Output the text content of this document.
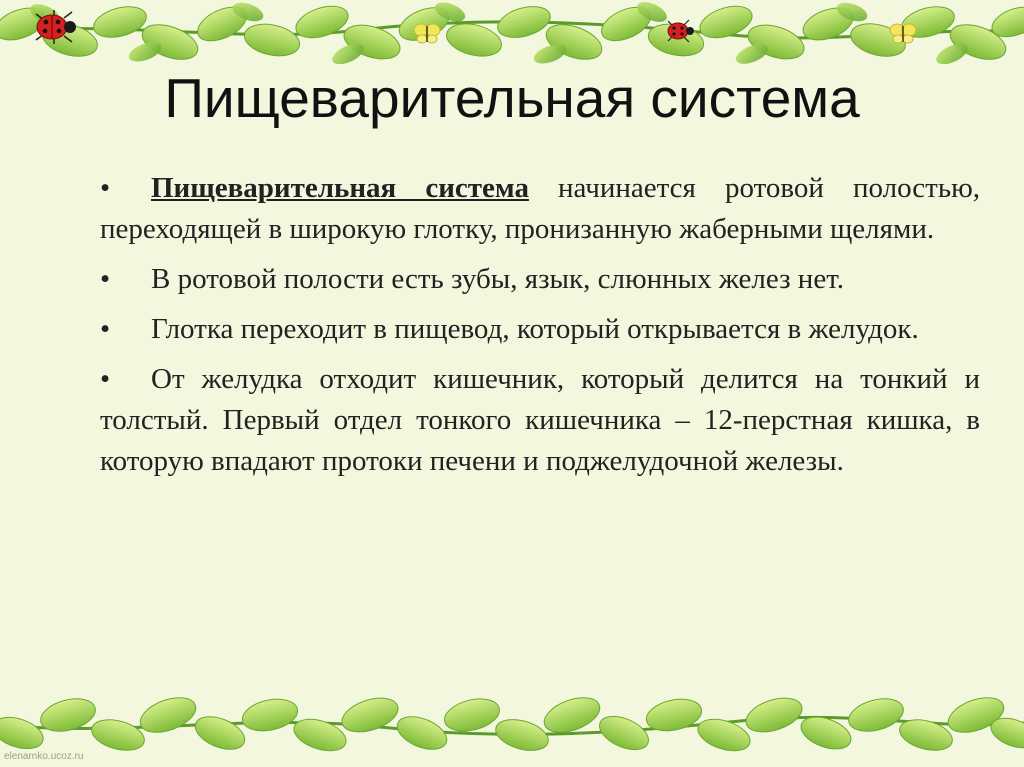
Пищеварительная система

• Пищеварительная система начинается ротовой полостью, переходящей в широкую глотку, пронизанную жаберными щелями.

• В ротовой полости есть зубы, язык, слюнных желез нет.

• Глотка переходит в пищевод, который открывается в желудок.

• От желудка отходит кишечник, который делится на тонкий и толстый. Первый отдел тонкого кишечника – 12-перстная кишка, в которую впадают протоки печени и поджелудочной железы.

elenarnko.ucoz.ru
